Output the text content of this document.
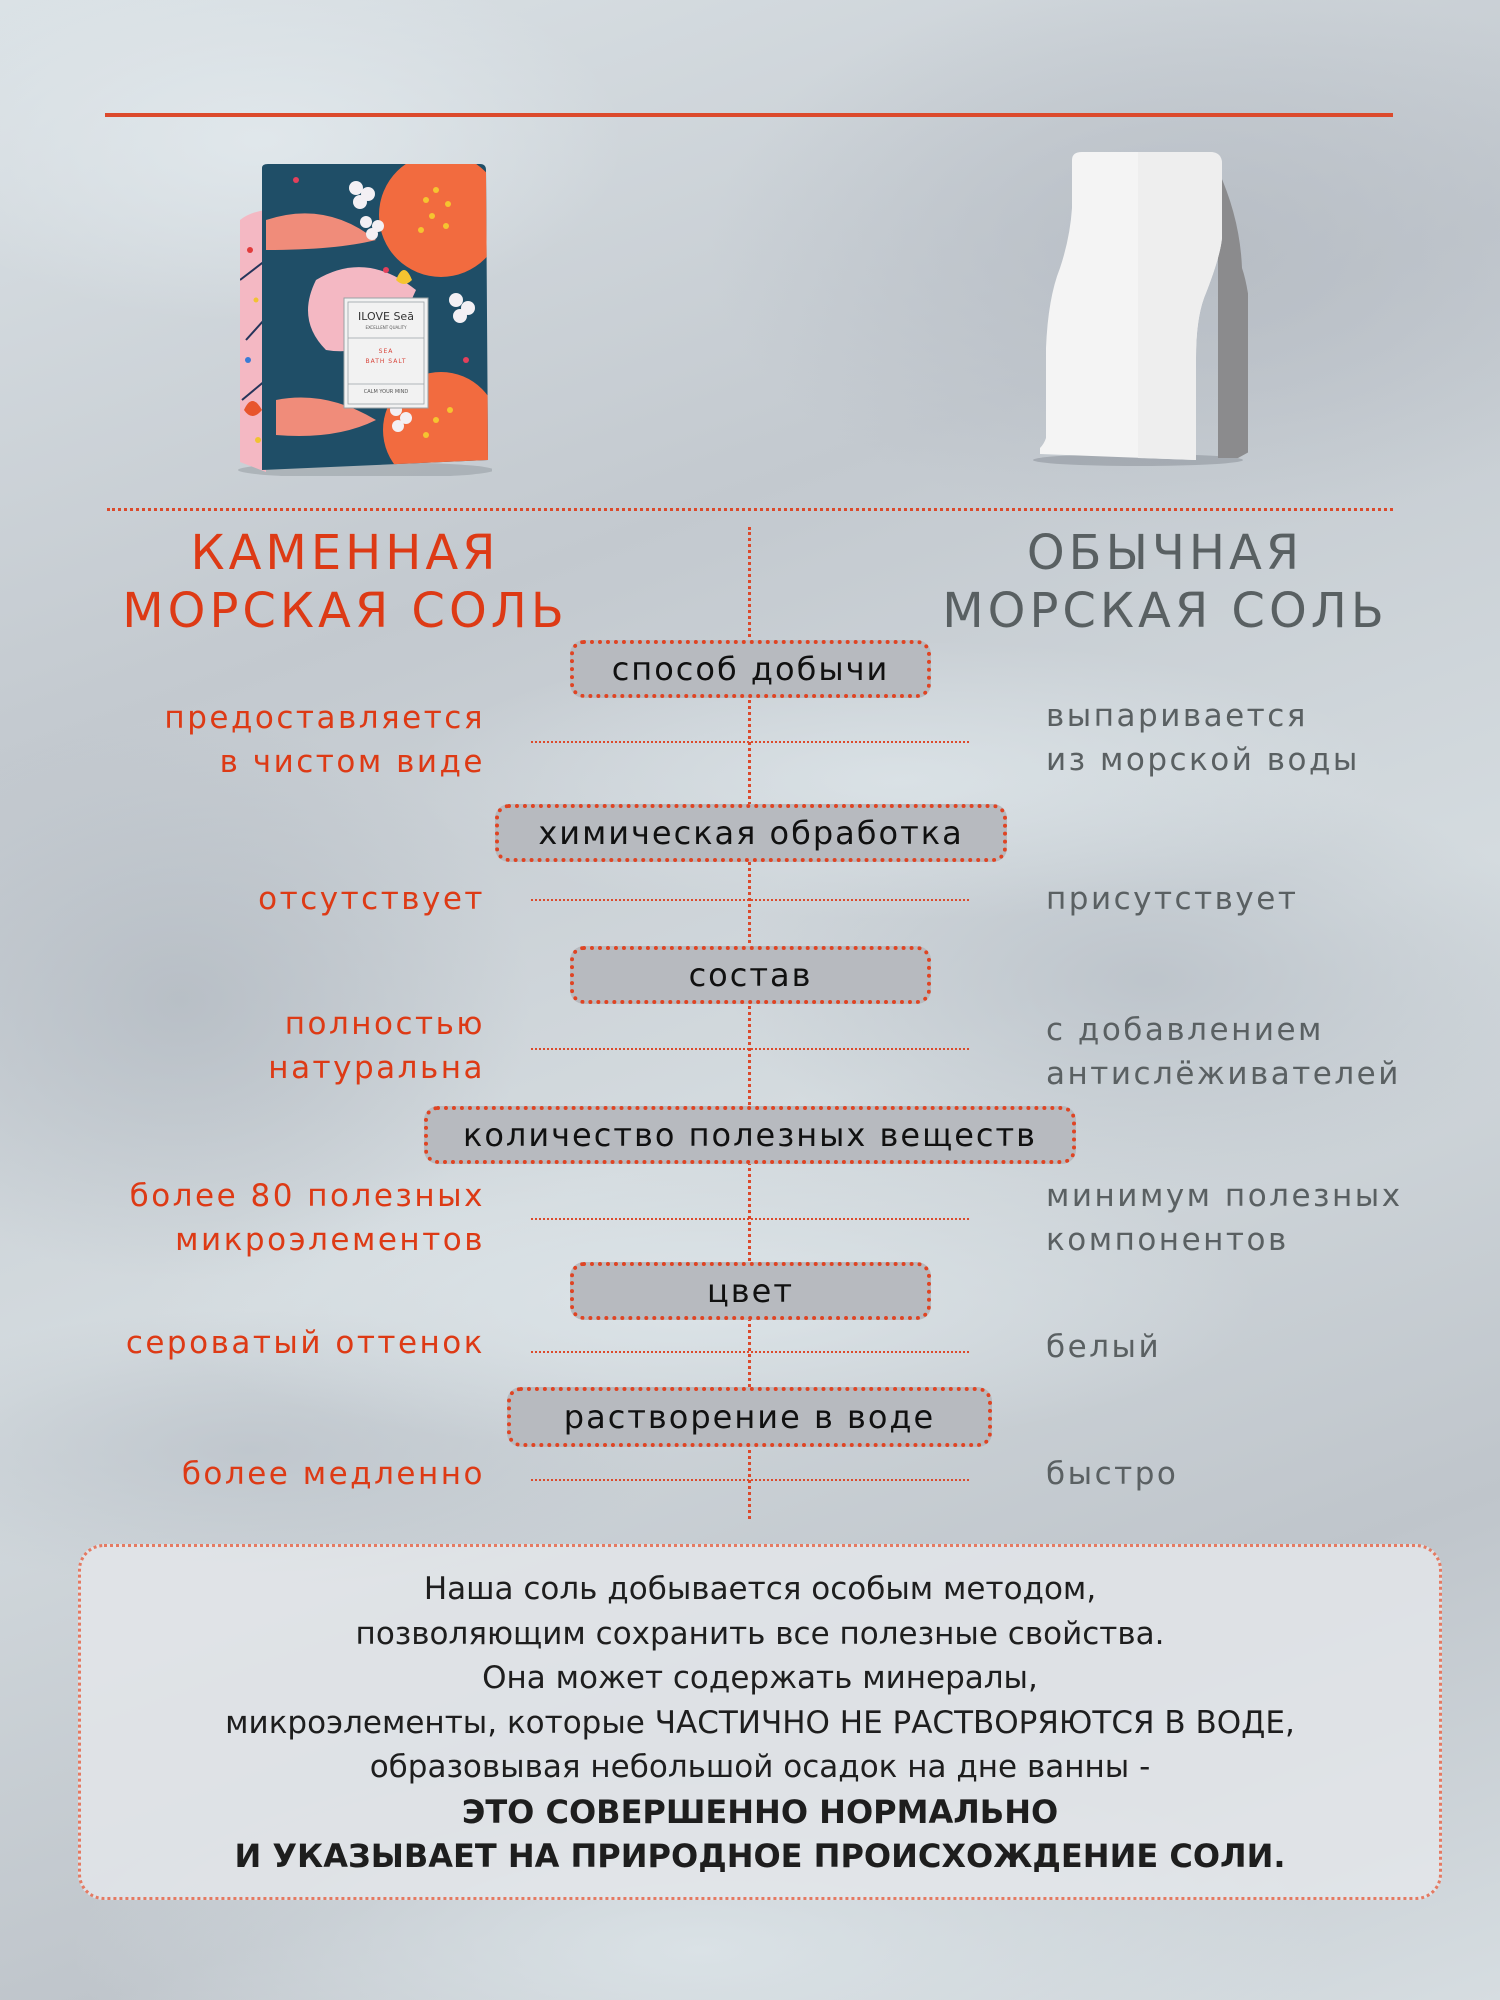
ILOVE Seā
EXCELLENT QUALITY
SEA
BATH SALT
CALM YOUR MIND
КАМЕННАЯ
МОРСКАЯ СОЛЬ
ОБЫЧНАЯ
МОРСКАЯ СОЛЬ
способ добычи
химическая обработка
состав
количество полезных веществ
цвет
растворение в воде
предоставляется
в чистом виде
отсутствует
полностью
натуральна
более 80 полезных
микроэлементов
сероватый оттенок
более медленно
выпаривается
из морской воды
присутствует
с добавлением
антислёживателей
минимум полезных
компонентов
белый
быстро
Наша соль добывается особым методом,
позволяющим сохранить все полезные свойства.
Она может содержать минералы,
микроэлементы, которые ЧАСТИЧНО НЕ РАСТВОРЯЮТСЯ В ВОДЕ,
образовывая небольшой осадок на дне ванны -
ЭТО СОВЕРШЕННО НОРМАЛЬНО
И УКАЗЫВАЕТ НА ПРИРОДНОЕ ПРОИСХОЖДЕНИЕ СОЛИ.
